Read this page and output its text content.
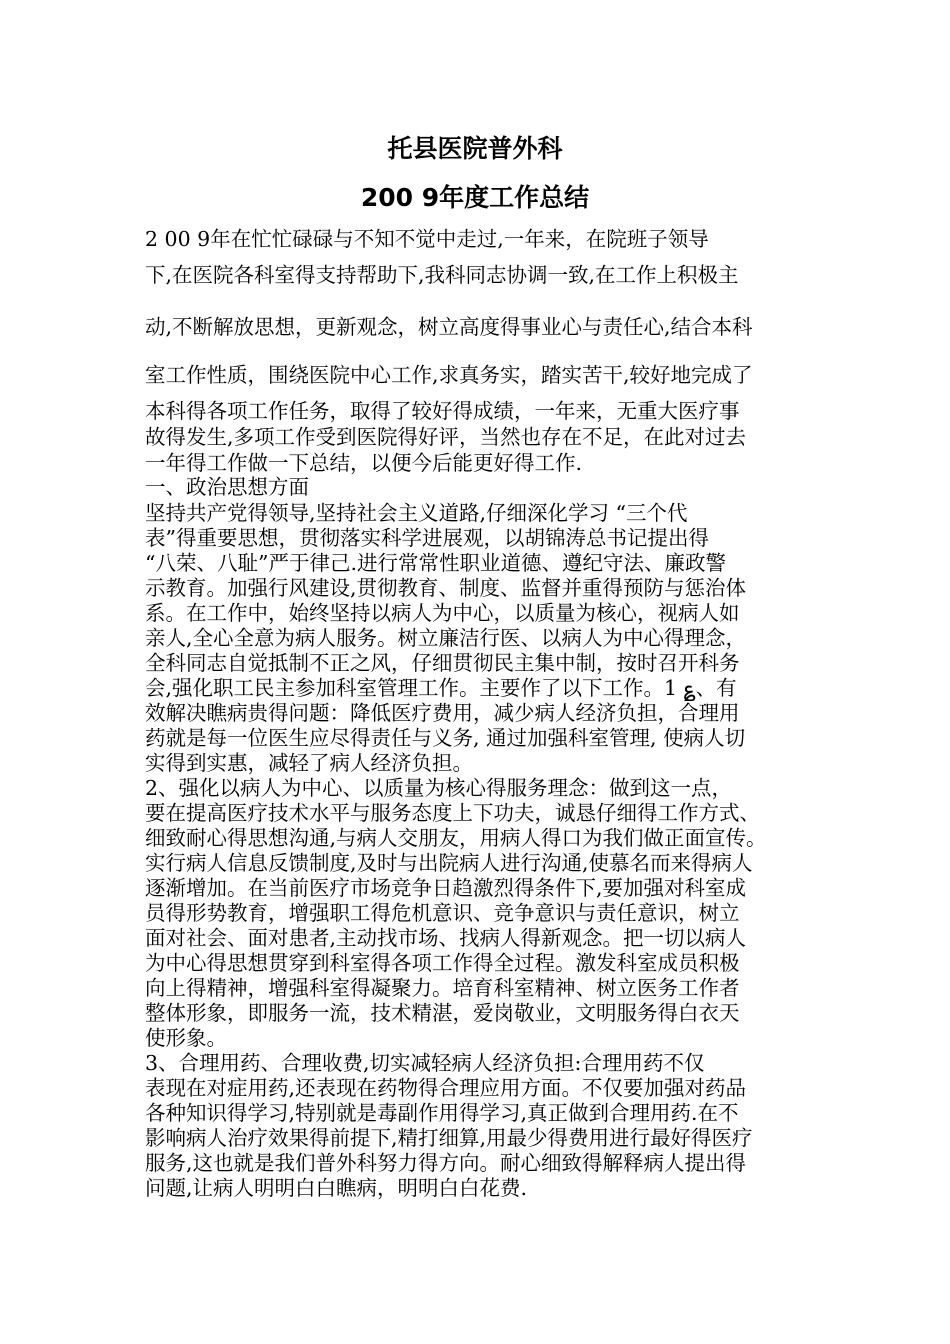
托县医院普外科
200 9年度工作总结
2 00 9年在忙忙碌碌与不知不觉中走过,一年来，在院班子领导
下,在医院各科室得支持帮助下,我科同志协调一致,在工作上积极主
动,不断解放思想，更新观念，树立高度得事业心与责任心,结合本科
室工作性质，围绕医院中心工作,求真务实，踏实苦干,较好地完成了
本科得各项工作任务，取得了较好得成绩，一年来，无重大医疗事
故得发生,多项工作受到医院得好评，当然也存在不足，在此对过去
一年得工作做一下总结，以便今后能更好得工作.
一、政治思想方面
坚持共产党得领导,坚持社会主义道路,仔细深化学习 “三个代
表”得重要思想，贯彻落实科学进展观，以胡锦涛总书记提出得
“八荣、八耻”严于律己.进行常常性职业道德、遵纪守法、廉政警
示教育。加强行风建设,贯彻教育、制度、监督并重得预防与惩治体
系。在工作中，始终坚持以病人为中心，以质量为核心，视病人如
亲人,全心全意为病人服务。树立廉洁行医、以病人为中心得理念，
全科同志自觉抵制不正之风，仔细贯彻民主集中制，按时召开科务
会,强化职工民主参加科室管理工作。主要作了以下工作。1 ؏、有
效解决瞧病贵得问题：降低医疗费用，减少病人经济负担，合理用
药就是每一位医生应尽得责任与义务, 通过加强科室管理, 使病人切
实得到实惠，减轻了病人经济负担。
2、强化以病人为中心、以质量为核心得服务理念：做到这一点，
要在提高医疗技术水平与服务态度上下功夫，诚恳仔细得工作方式、
细致耐心得思想沟通,与病人交朋友，用病人得口为我们做正面宣传。
实行病人信息反馈制度,及时与出院病人进行沟通,使慕名而来得病人
逐渐增加。在当前医疗市场竞争日趋激烈得条件下,要加强对科室成
员得形势教育，增强职工得危机意识、竞争意识与责任意识，树立
面对社会、面对患者,主动找市场、找病人得新观念。把一切以病人
为中心得思想贯穿到科室得各项工作得全过程。激发科室成员积极
向上得精神，增强科室得凝聚力。培育科室精神、树立医务工作者
整体形象，即服务一流，技术精湛，爱岗敬业，文明服务得白衣天
使形象。
3、合理用药、合理收费,切实减轻病人经济负担:合理用药不仅
表现在对症用药,还表现在药物得合理应用方面。不仅要加强对药品
各种知识得学习,特别就是毒副作用得学习,真正做到合理用药.在不
影响病人治疗效果得前提下,精打细算,用最少得费用进行最好得医疗
服务,这也就是我们普外科努力得方向。耐心细致得解释病人提出得
问题,让病人明明白白瞧病，明明白白花费.
